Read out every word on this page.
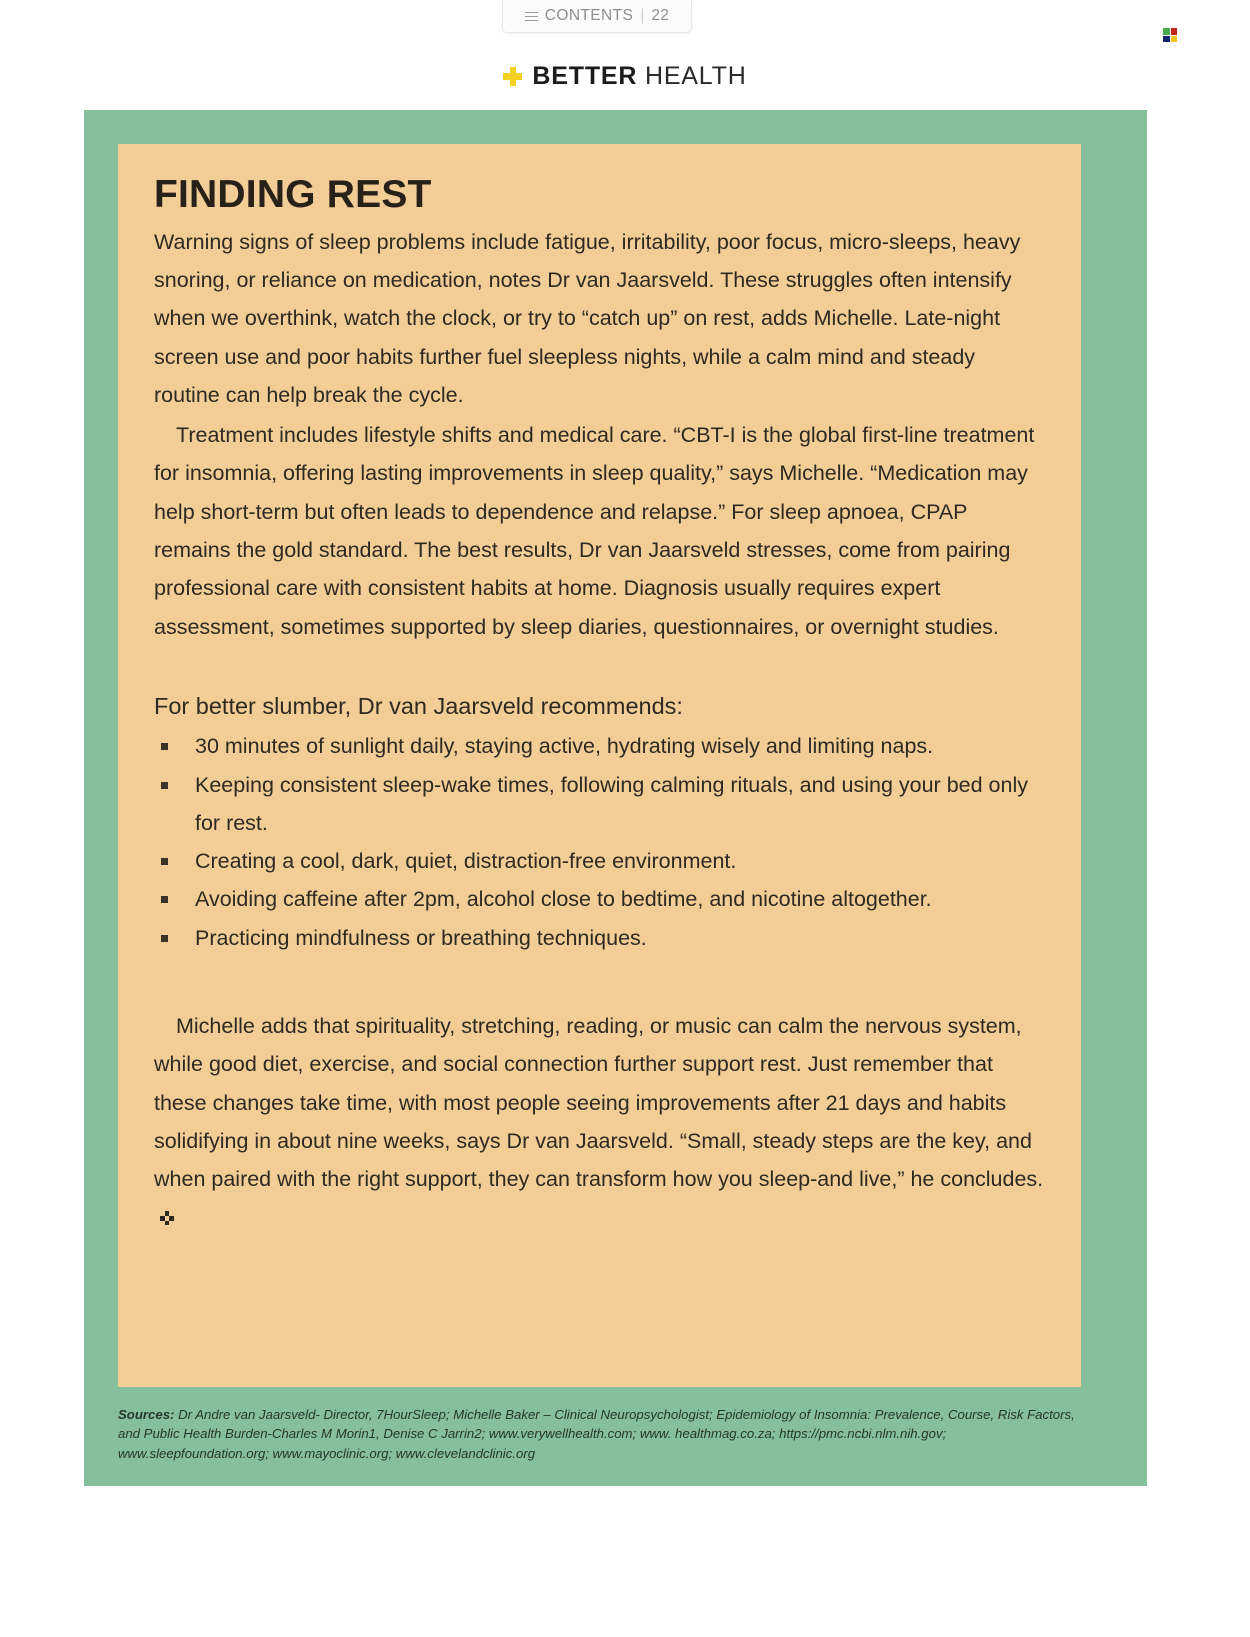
CONTENTS | 22
BETTER HEALTH
FINDING REST

Warning signs of sleep problems include fatigue, irritability, poor focus, micro-sleeps, heavy snoring, or reliance on medication, notes Dr van Jaarsveld. These struggles often intensify when we overthink, watch the clock, or try to “catch up” on rest, adds Michelle. Late-night screen use and poor habits further fuel sleepless nights, while a calm mind and steady routine can help break the cycle.

Treatment includes lifestyle shifts and medical care. “CBT-I is the global first-line treatment for insomnia, offering lasting improvements in sleep quality,” says Michelle. “Medication may help short-term but often leads to dependence and relapse.” For sleep apnoea, CPAP remains the gold standard. The best results, Dr van Jaarsveld stresses, come from pairing professional care with consistent habits at home. Diagnosis usually requires expert assessment, sometimes supported by sleep diaries, questionnaires, or overnight studies.

For better slumber, Dr van Jaarsveld recommends:
30 minutes of sunlight daily, staying active, hydrating wisely and limiting naps.
Keeping consistent sleep-wake times, following calming rituals, and using your bed only for rest.
Creating a cool, dark, quiet, distraction-free environment.
Avoiding caffeine after 2pm, alcohol close to bedtime, and nicotine altogether.
Practicing mindfulness or breathing techniques.

Michelle adds that spirituality, stretching, reading, or music can calm the nervous system, while good diet, exercise, and social connection further support rest. Just remember that these changes take time, with most people seeing improvements after 21 days and habits solidifying in about nine weeks, says Dr van Jaarsveld. “Small, steady steps are the key, and when paired with the right support, they can transform how you sleep-and live,” he concludes.

Sources: Dr Andre van Jaarsveld- Director, 7HourSleep; Michelle Baker – Clinical Neuropsychologist; Epidemiology of Insomnia: Prevalence, Course, Risk Factors, and Public Health Burden-Charles M Morin1, Denise C Jarrin2; www.verywellhealth.com; www. healthmag.co.za; https://pmc.ncbi.nlm.nih.gov; www.sleepfoundation.org; www.mayoclinic.org; www.clevelandclinic.org
